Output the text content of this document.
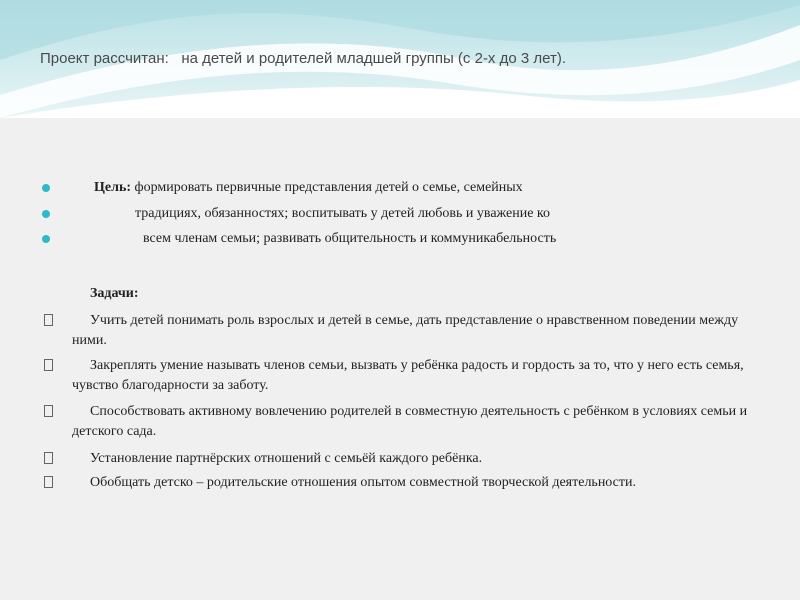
Проект рассчитан: на детей и родителей младшей группы (с 2-х до 3 лет).

Цель: формировать первичные представления детей о семье, семейных

традициях, обязанностях; воспитывать у детей любовь и уважение ко

всем членам семьи; развивать общительность и коммуникабельность

Задачи:
Учить детей понимать роль взрослых и детей в семье, дать представление о нравственном поведении между ними.
Закреплять умение называть членов семьи, вызвать у ребёнка радость и гордость за то, что у него есть семья, чувство благодарности за заботу.
Способствовать активному вовлечению родителей в совместную деятельность с ребёнком в условиях семьи и детского сада.
Установление партнёрских отношений с семьёй каждого ребёнка.
Обобщать детско – родительские отношения опытом совместной творческой деятельности.
